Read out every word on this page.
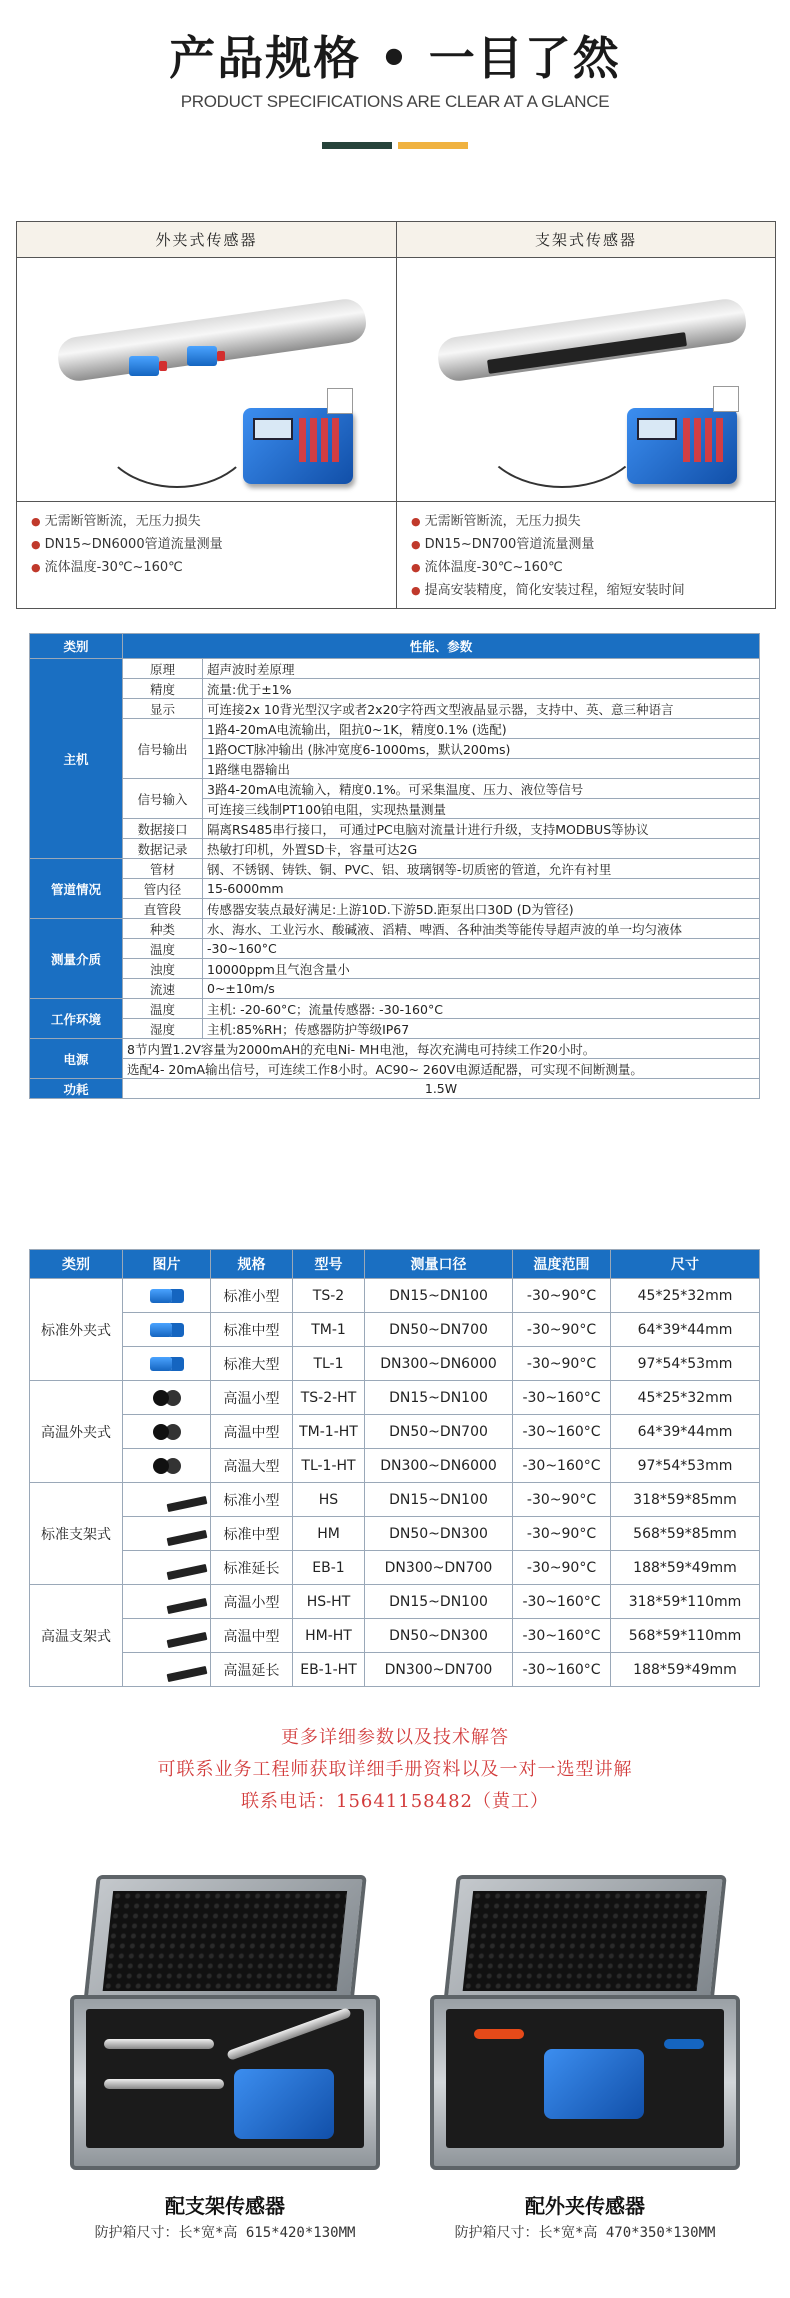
产品规格 • 一目了然
PRODUCT SPECIFICATIONS ARE CLEAR AT A GLANCE
外夹式传感器
● 无需断管断流，无压力损失
● DN15~DN6000管道流量测量
● 流体温度-30℃~160℃
支架式传感器
● 无需断管断流，无压力损失
● DN15~DN700管道流量测量
● 流体温度-30℃~160℃
● 提高安装精度，简化安装过程，缩短安装时间
类别	性能、参数	
主机	原理	超声波时差原理
	精度	流量:优于±1%
	显示	可连接2x 10背光型汉字或者2x20字符西文型液晶显示器，支持中、英、意三种语言
	信号输出	1路4-20mA电流输出，阻抗0~1K，精度0.1% (选配)
		1路OCT脉冲输出 (脉冲宽度6-1000ms，默认200ms)
		1路继电器输出
	信号输入	3路4-20mA电流输入，精度0.1%。可采集温度、压力、液位等信号
		可连接三线制PT100铂电阻，实现热量测量
	数据接口	隔离RS485串行接口， 可通过PC电脑对流量计进行升级，支持MODBUS等协议
	数据记录	热敏打印机，外置SD卡，容量可达2G
管道情况	管材	钢、不锈钢、铸铁、铜、PVC、铝、玻璃钢等-切质密的管道，允许有衬里
	管内径	15-6000mm
	直管段	传感器安装点最好满足:上游10D.下游5D.距泵出口30D (D为管径)
测量介质	种类	水、海水、工业污水、酸碱液、滔精、啤酒、各种油类等能传导超声波的单一均匀液体
	温度	-30~160°C
	浊度	10000ppm且气泡含量小
	流速	0~±10m/s
工作环境	温度	主机: -20-60°C；流量传感器: -30-160°C
	湿度	主机:85%RH；传感器防护等级IP67
电源	8节内置1.2V容量为2000mAH的充电Ni- MH电池，每次充满电可持续工作20小时。	
	选配4- 20mA输出信号，可连续工作8小时。AC90~ 260V电源适配器，可实现不间断测量。	
功耗	1.5W	
类别	图片	规格	型号	测量口径	温度范围	尺寸
标准外夹式		标准小型	TS-2	DN15~DN100	-30~90°C	45*25*32mm
		标准中型	TM-1	DN50~DN700	-30~90°C	64*39*44mm
		标准大型	TL-1	DN300~DN6000	-30~90°C	97*54*53mm
高温外夹式		高温小型	TS-2-HT	DN15~DN100	-30~160°C	45*25*32mm
		高温中型	TM-1-HT	DN50~DN700	-30~160°C	64*39*44mm
		高温大型	TL-1-HT	DN300~DN6000	-30~160°C	97*54*53mm
标准支架式		标准小型	HS	DN15~DN100	-30~90°C	318*59*85mm

		标准中型	HM	DN50~DN300	-30~90°C	568*59*85mm

		标准延长	EB-1	DN300~DN700	-30~90°C	188*59*49mm
高温支架式		高温小型	HS-HT	DN15~DN100	-30~160°C	318*59*110mm

		高温中型	HM-HT	DN50~DN300	-30~160°C	568*59*110mm

		高温延长	EB-1-HT	DN300~DN700	-30~160°C	188*59*49mm
更多详细参数以及技术解答
可联系业务工程师获取详细手册资料以及一对一选型讲解
联系电话：15641158482（黄工）
配支架传感器
防护箱尺寸：长*宽*高 615*420*130MM
配外夹传感器
防护箱尺寸：长*宽*高 470*350*130MM
